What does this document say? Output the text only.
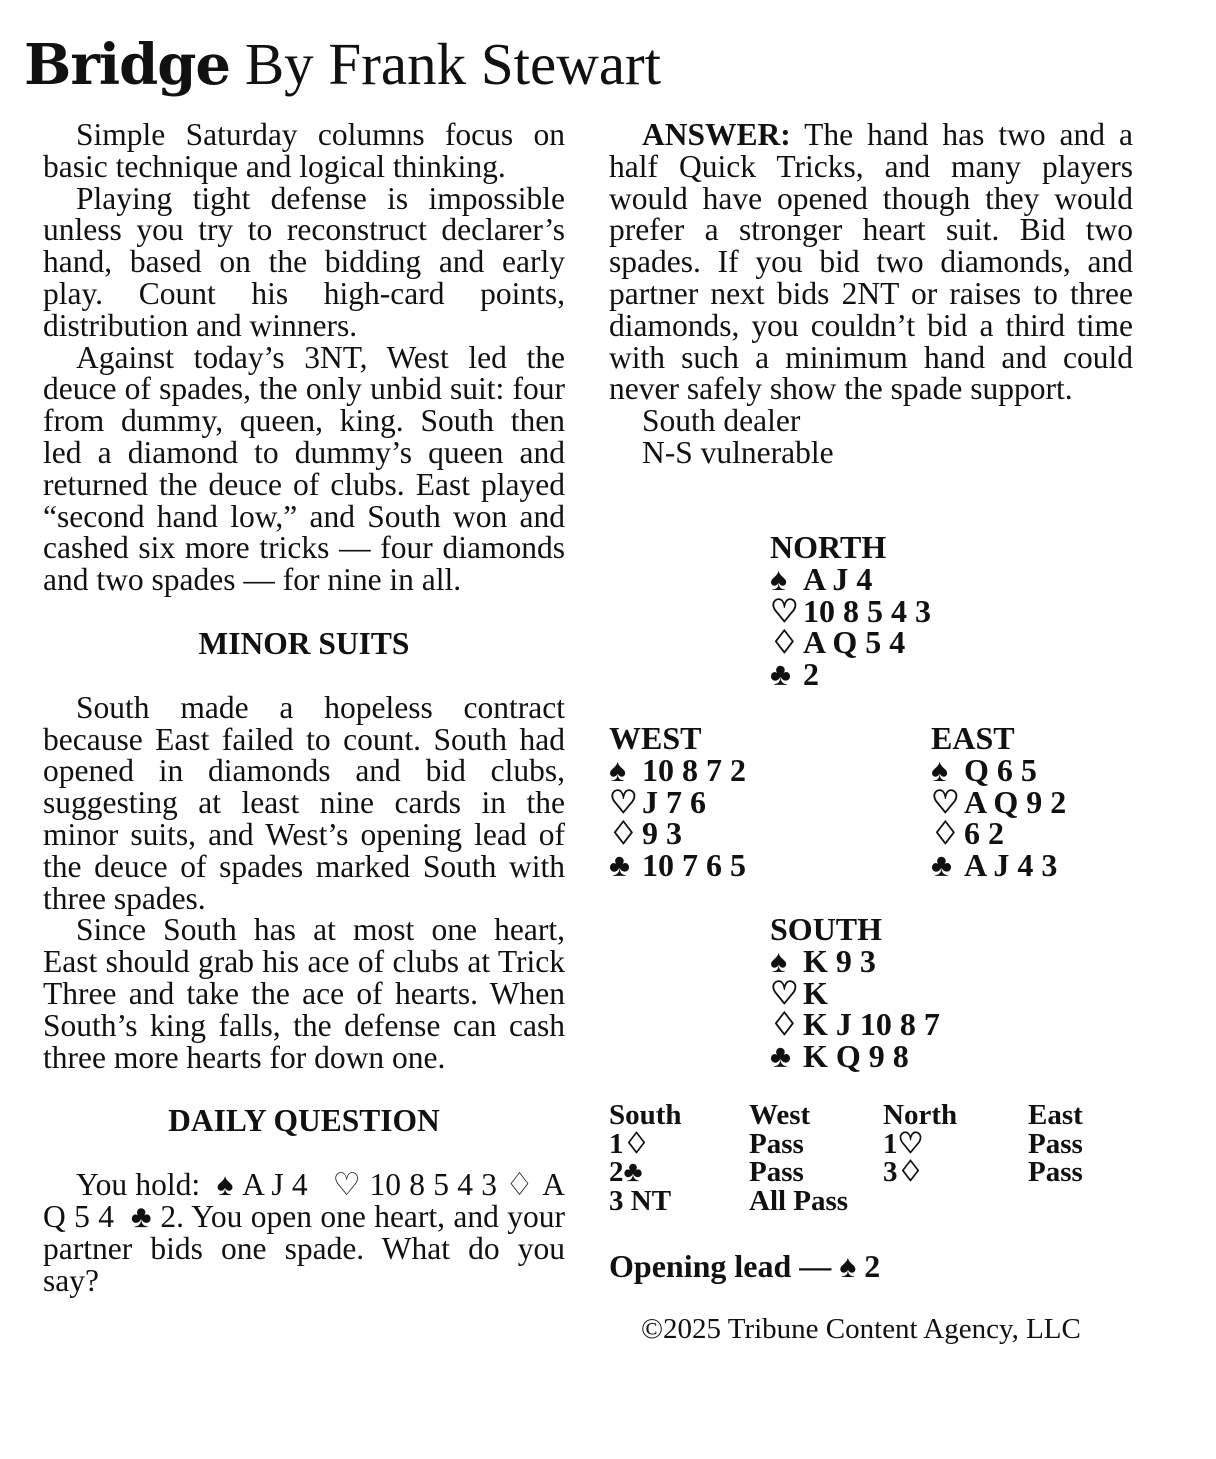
Bridge By Frank Stewart

Simple Saturday columns focus on basic technique and logical thinking.

Playing tight defense is impossible unless you try to reconstruct declarer’s hand, based on the bidding and early play. Count his high-card points, distribution and winners.

Against today’s 3NT, West led the deuce of spades, the only unbid suit: four from dummy, queen, king. South then led a diamond to dummy’s queen and returned the deuce of clubs. East played “second hand low,” and South won and cashed six more tricks — four diamonds and two spades — for nine in all.

MINOR SUITS

South made a hopeless contract because East failed to count. South had opened in diamonds and bid clubs, suggesting at least nine cards in the minor suits, and West’s opening lead of the deuce of spades marked South with three spades.

Since South has at most one heart, East should grab his ace of clubs at Trick Three and take the ace of hearts. When South’s king falls, the defense can cash three more hearts for down one.

DAILY QUESTION

You hold: ♠ A J 4 ♡ 10 8 5 4 3 ♢ A Q 5 4 ♣ 2. You open one heart, and your partner bids one spade. What do you say?

ANSWER: The hand has two and a half Quick Tricks, and many players would have opened though they would prefer a stronger heart suit. Bid two spades. If you bid two diamonds, and partner next bids 2NT or raises to three diamonds, you couldn’t bid a third time with such a minimum hand and could never safely show the spade support.

South dealer

N-S vulnerable

NORTH
♠ A J 4
♡ 10 8 5 4 3
♢ A Q 5 4
♣ 2
WEST
♠ 10 8 7 2
♡ J 7 6
♢ 9 3
♣ 10 7 6 5
EAST
♠ Q 6 5
♡ A Q 9 2
♢ 6 2
♣ A J 4 3
SOUTH
♠ K 9 3
♡ K
♢ K J 10 8 7
♣ K Q 9 8
South	West	North	East
1♢	Pass	1♡	Pass
2♣	Pass	3♢	Pass
3 NT	All Pass
Opening lead — ♠ 2
©2025 Tribune Content Agency, LLC
